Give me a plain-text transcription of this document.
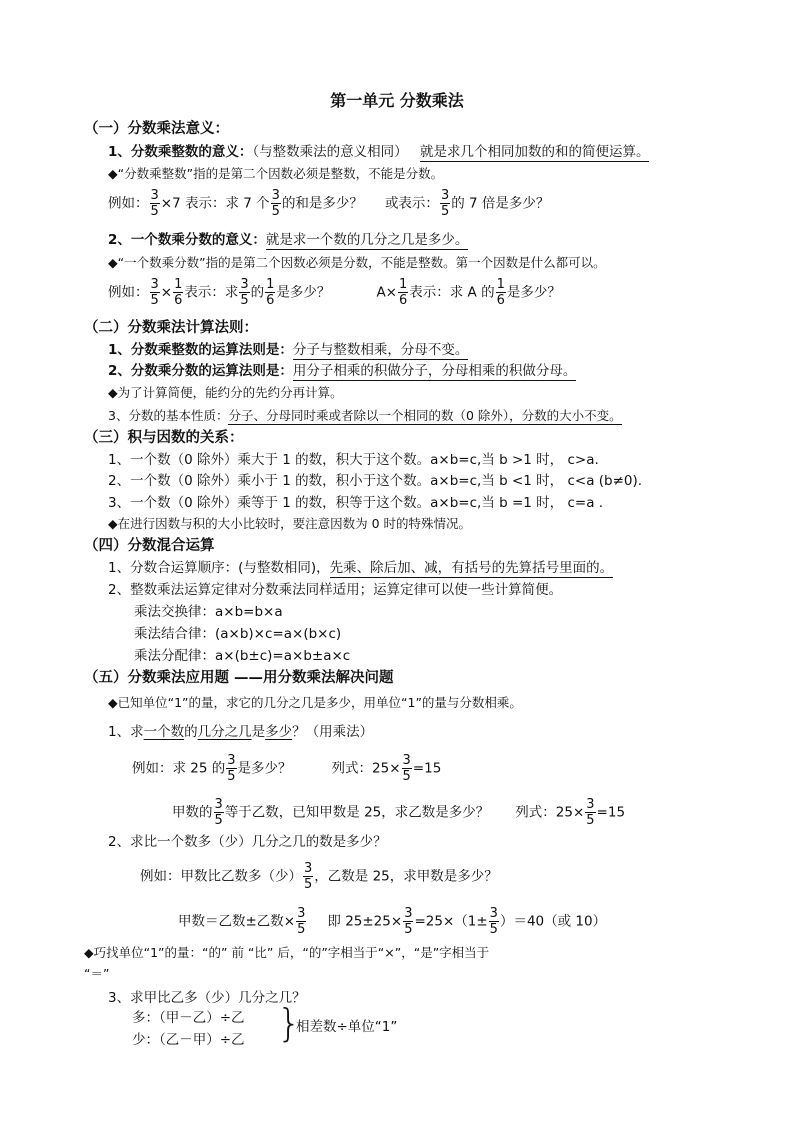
第一单元 分数乘法
（一）分数乘法意义：
1、分数乘整数的意义：（与整数乘法的意义相同） 就是求几个相同加数的和的简便运算。
◆“分数乘整数”指的是第二个因数必须是整数，不能是分数。
例如： $\frac{3}{5} \times 7$ 表示：求 7 个 $\frac{3}{5}$ 的和是多少？ 或表示： $\frac{3}{5}$ 的 7 倍是多少？
2、一个数乘分数的意义：就是求一个数的几分之几是多少。
◆“一个数乘分数”指的是第二个因数必须是分数，不能是整数。第一个因数是什么都可以。
例如： $\frac{3}{5} \times \frac{1}{6}$ 表示：求 $\frac{3}{5}$ 的 $\frac{1}{6}$ 是多少？	$A\times \frac{1}{6}$ 表示：求 A 的 $\frac{1}{6}$ 是多少？
（二）分数乘法计算法则：
1、分数乘整数的运算法则是：分子与整数相乘，分母不变。
2、分数乘分数的运算法则是：用分子相乘的积做分子，分母相乘的积做分母。
◆为了计算简便，能约分的先约分再计算。
3、分数的基本性质：分子、分母同时乘或者除以一个相同的数（0 除外），分数的大小不变。
（三）积与因数的关系：
1、一个数（0 除外）乘大于 1 的数，积大于这个数。a×b=c,当 b >1 时， c>a.
2、一个数（0 除外）乘小于 1 的数，积小于这个数。a×b=c,当 b <1 时， c<a (b≠0).
3、一个数（0 除外）乘等于 1 的数，积等于这个数。a×b=c,当 b =1 时， c=a .
◆在进行因数与积的大小比较时，要注意因数为 0 时的特殊情况。
（四）分数混合运算
1、分数合运算顺序：(与整数相同)，先乘、除后加、减，有括号的先算括号里面的。
2、整数乘法运算定律对分数乘法同样适用；运算定律可以使一些计算简便。
乘法交换律：a×b=b×a
乘法结合律：(a×b)×c=a×(b×c)
乘法分配律：a×(b±c)=a×b±a×c
（五）分数乘法应用题 ——用分数乘法解决问题
◆已知单位“1”的量，求它的几分之几是多少，用单位“1”的量与分数相乘。
1、求一个数的几分之几是多少？（用乘法）
例如：求 25 的 $\frac{3}{5}$ 是多少？	列式：$25\times \frac{3}{5} =15$
甲数的 $\frac{3}{5}$ 等于乙数，已知甲数是 25，求乙数是多少？ 列式：$25\times \frac{3}{5} =15$
2、求比一个数多（少）几分之几的数是多少？
例如：甲数比乙数多（少） $\frac{3}{5}$ ，乙数是 25，求甲数是多少？
甲数＝乙数±乙数× $\frac{3}{5}$ 即 $25\pm 25\times \frac{3}{5} =25\times(1\pm \frac{3}{5} )=40$（或 10）
◆巧找单位“1”的量：“的” 前 “比” 后，“的”字相当于“×”，“是”字相当于
“＝”
3、求甲比乙多（少）几分之几？
多：（甲－乙）÷乙
少：（乙－甲）÷乙 }
相差数÷单位“1”
